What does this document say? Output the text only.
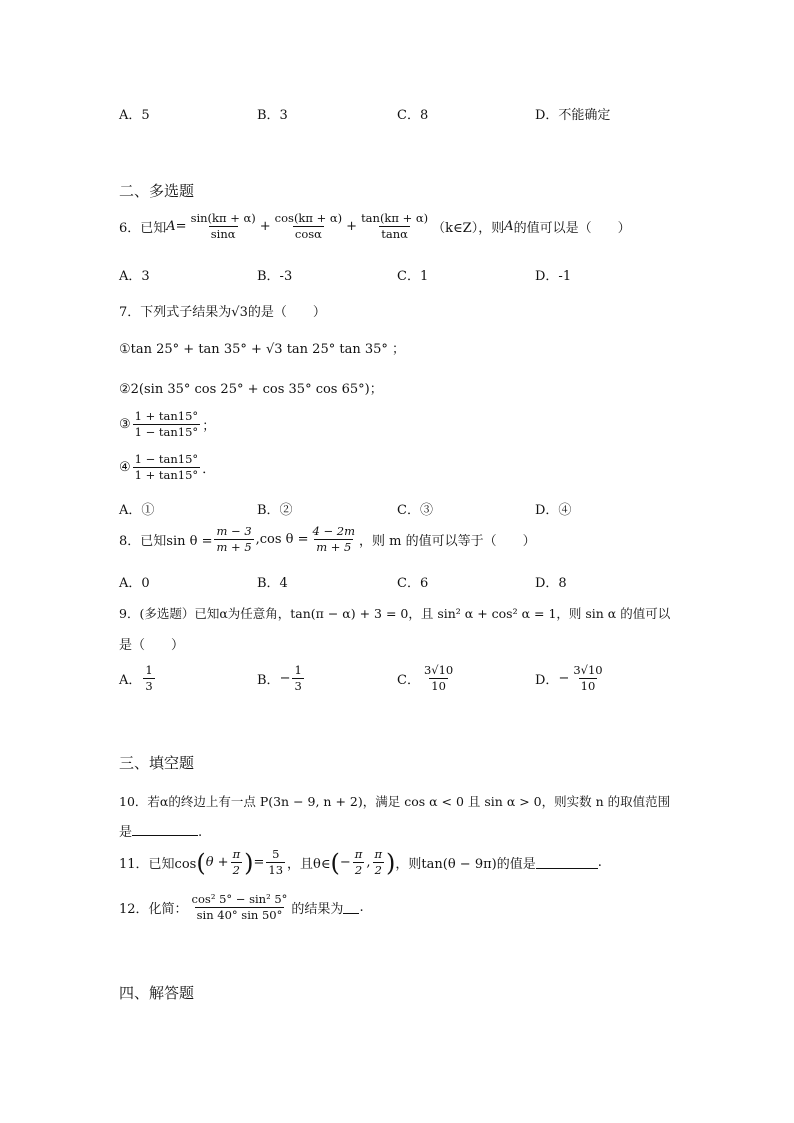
A．5	B．3	C．8	D．不能确定
二、多选题
6．已知 $A= \frac{\sin(k\pi + \alpha)}{\sin\alpha} + \frac{\cos(k\pi + \alpha)}{\cos\alpha} + \frac{\tan(k\pi + \alpha)}{\tan\alpha}$ （k∈Z），则 A 的值可以是（　　）
A．3	B．-3	C．1	D．-1
7．下列式子结果为√3的是（　　）
①tan 25° + tan 35° + √3 tan 25° tan 35° ；
②2(sin 35° cos 25° + cos 35° cos 65°)；
③ $\frac{1 + \tan 15^\circ}{1 - \tan 15^\circ}$ ；
④ $\frac{1 - \tan 15^\circ}{1 + \tan 15^\circ}$ ．
A．①	B．②	C．③	D．④
8．已知$\sin \theta = \frac{m - 3}{m + 5} ,\cos$ $\theta = \frac{4 - 2m}{m + 5}$ ，则 m 的值可以等于（　　）
A．0	B．4	C．6	D．8
9．(多选题）已知α为任意角，tan(π − α) + 3 = 0，且 sin² α + cos² α = 1，则 sin α 的值可以
是（　　）
A． $\frac{1}{3}$	B． − $\frac{1}{3}$	C． $\frac{3√10}{10}$	D． − $\frac{3√10}{10}$
三、填空题
10．若α的终边上有一点 P(3n − 9, n + 2)，满足 cos α < 0 且 sin α > 0，则实数 n 的取值范围
是	.
11．已知cos ( $\theta + \frac{\pi}{2}$ ) = $\frac{5}{13}$ ，且θ∈ ( − $\frac{\pi}{2}$ , $\frac{\pi}{2}$ ) ，则tan(θ − 9π)的值是	.
12．化简： $\frac{\text{cos² 5° − sin² 5°}}{\sin 40^\circ \sin 50^\circ}$ 的结果为 .
四、解答题
